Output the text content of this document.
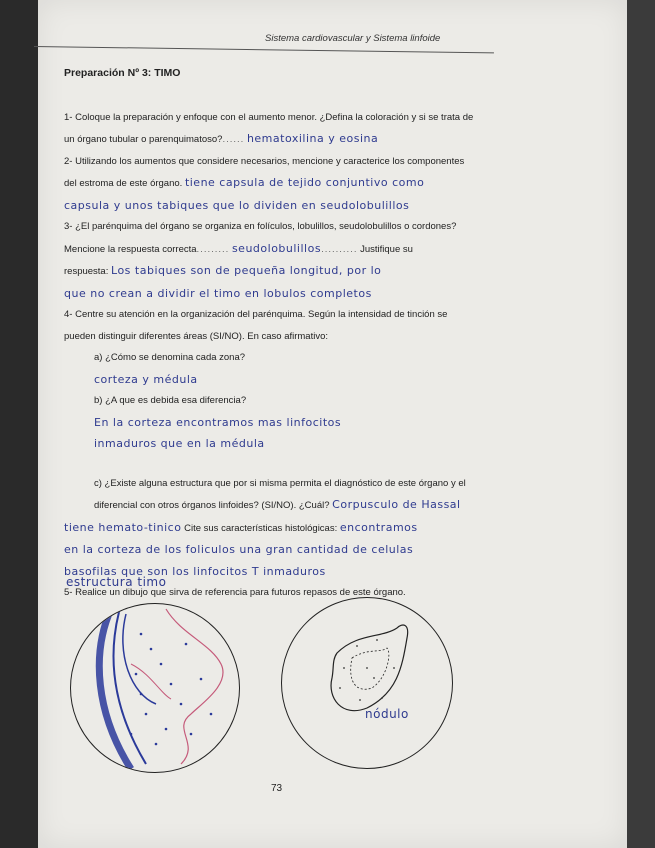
Sistema cardiovascular y Sistema linfoide
Preparación Nº 3: TIMO
1- Coloque la preparación y enfoque con el aumento menor. ¿Defina la coloración y si se trata de
un órgano tubular o parenquimatoso?...... hematoxilina y eosina
2- Utilizando los aumentos que considere necesarios, mencione y caracterice los componentes
del estroma de este órgano. tiene capsula de tejido conjuntivo como
capsula y unos tabiques que lo dividen en seudolobulillos
3- ¿El parénquima del órgano se organiza en folículos, lobulillos, seudolobulillos o cordones?
Mencione la respuesta correcta......... seudolobulillos.......... Justifique su
respuesta: Los tabiques son de pequeña longitud, por lo
que no crean a dividir el timo en lobulos completos
4- Centre su atención en la organización del parénquima. Según la intensidad de tinción se
pueden distinguir diferentes áreas (SI/NO). En caso afirmativo:
a) ¿Cómo se denomina cada zona?
corteza y médula
b) ¿A que es debida esa diferencia?
En la corteza encontramos mas linfocitos
inmaduros que en la médula
c) ¿Existe alguna estructura que por si misma permita el diagnóstico de este órgano y el
diferencial con otros órganos linfoides? (SI/NO). ¿Cuál? Corpusculo de Hassal
tiene hemato-tinico Cite sus características histológicas: encontramos
en la corteza de los foliculos una gran cantidad de celulas
basofilas que son los linfocitos T inmaduros
5- Realice un dibujo que sirva de referencia para futuros repasos de este órgano.
estructura timo
nódulo
73
